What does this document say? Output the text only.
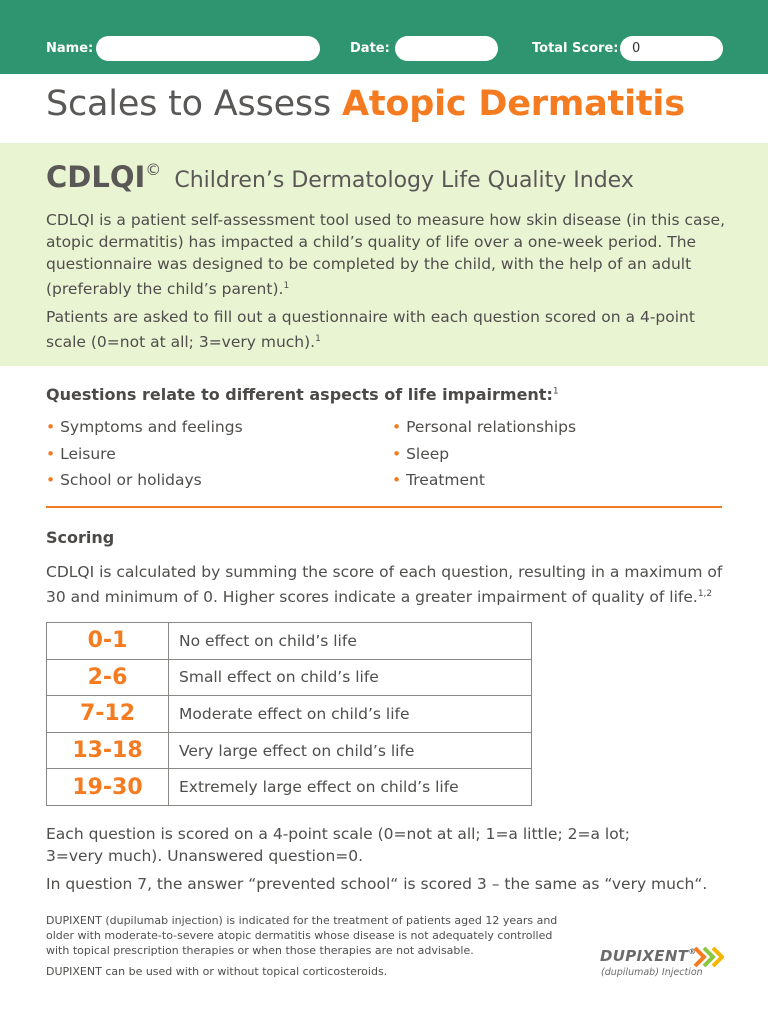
Name:	Date:	Total Score:
0
Scales to Assess Atopic Dermatitis
CDLQI© Children’s Dermatology Life Quality Index

CDLQI is a patient self-assessment tool used to measure how skin disease (in this case, atopic dermatitis) has impacted a child’s quality of life over a one-week period. The questionnaire was designed to be completed by the child, with the help of an adult (preferably the child’s parent).$^1$

Patients are asked to fill out a questionnaire with each question scored on a 4-point scale (0=not at all; 3=very much).$^1$

Questions relate to different aspects of life impairment:$^1$
• Symptoms and feelings
• Leisure
• School or holidays
• Personal relationships
• Sleep
• Treatment
Scoring

CDLQI is calculated by summing the score of each question, resulting in a maximum of 30 and minimum of 0. Higher scores indicate a greater impairment of quality of life.$^{1,2}$

0-1	No effect on child’s life
2-6	Small effect on child’s life
7-12	Moderate effect on child’s life
13-18	Very large effect on child’s life
19-30	Extremely large effect on child’s life

Each question is scored on a 4-point scale (0=not at all; 1=a little; 2=a lot; 3=very much). Unanswered question=0.

In question 7, the answer “prevented school“ is scored 3 – the same as “very much“.

DUPIXENT (dupilumab injection) is indicated for the treatment of patients aged 12 years and older with moderate-to-severe atopic dermatitis whose disease is not adequately controlled with topical prescription therapies or when those therapies are not advisable.

DUPIXENT can be used with or without topical corticosteroids.

DUPIXENT®
(dupilumab) Injection
